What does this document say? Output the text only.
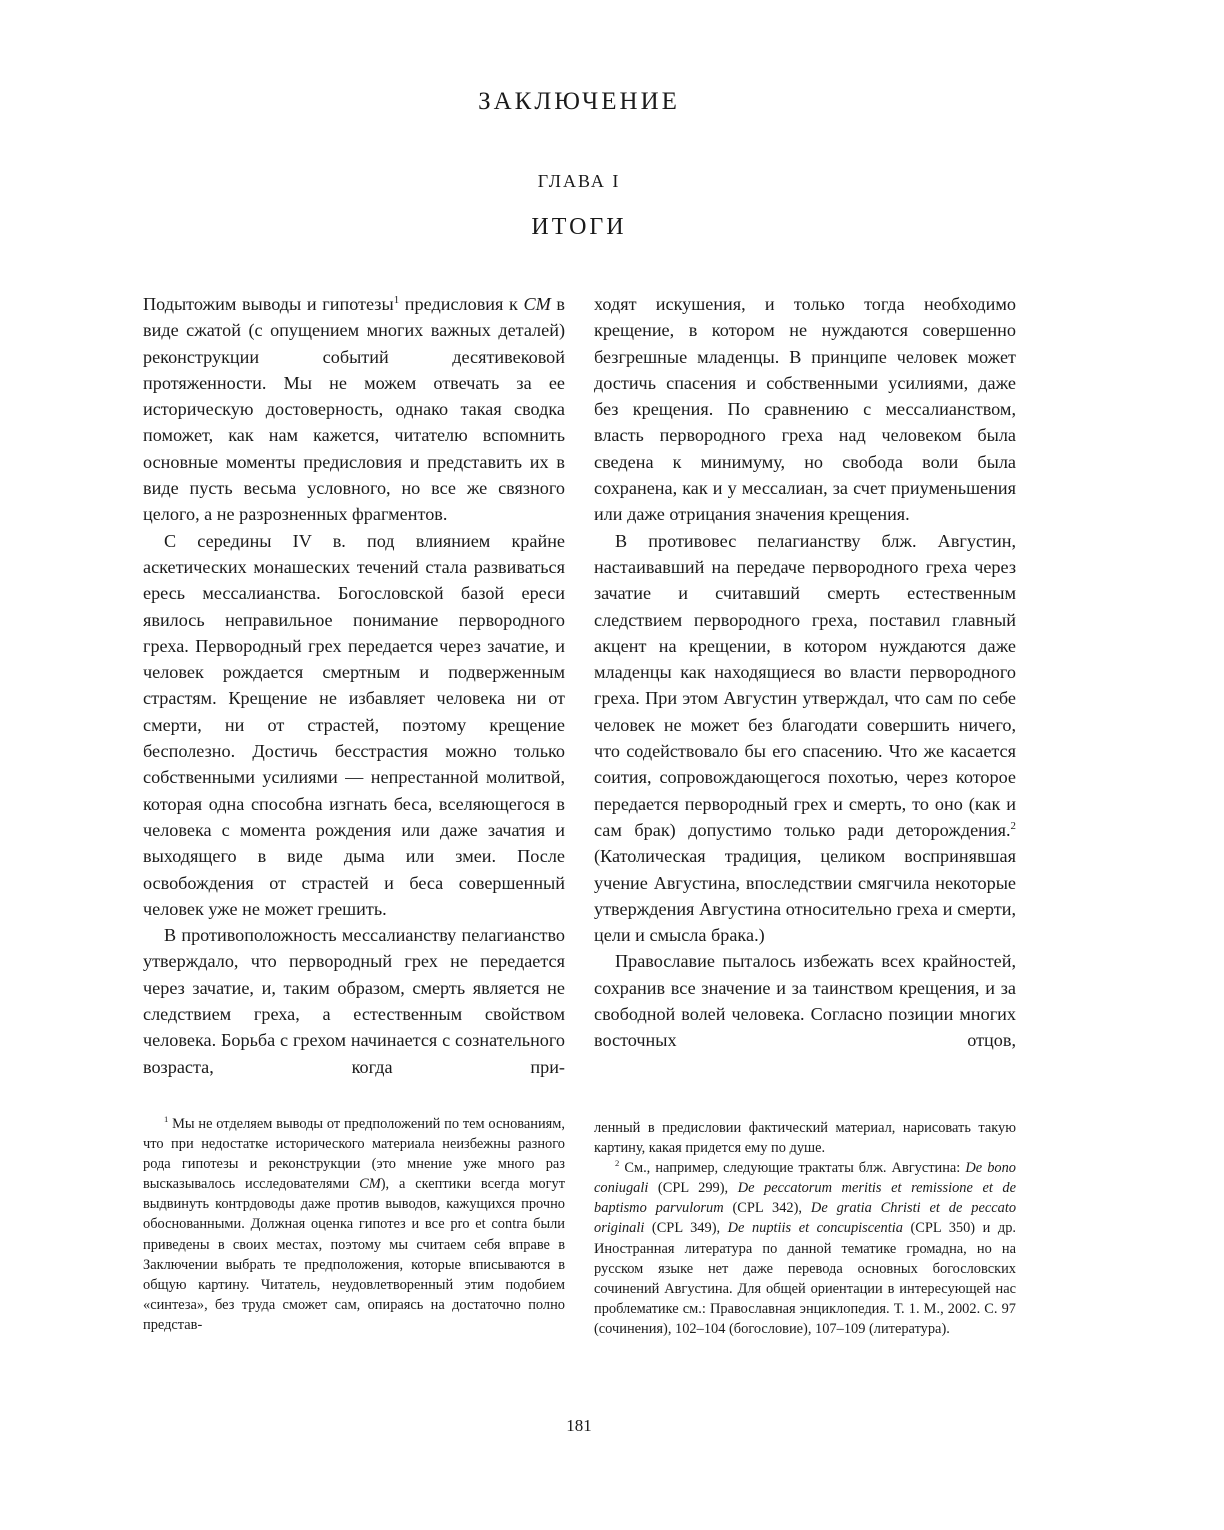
ЗАКЛЮЧЕНИЕ
ГЛАВА I
ИТОГИ

Подытожим выводы и гипотезы$^1$ предисловия к СМ в виде сжатой (с опущением многих важных деталей) реконструкции событий десятивековой протяженности. Мы не можем отвечать за ее историческую достоверность, однако такая сводка поможет, как нам кажется, читателю вспомнить основные моменты предисловия и представить их в виде пусть весьма условного, но все же связного целого, а не разрозненных фрагментов.

С середины IV в. под влиянием крайне аскетических монашеских течений стала развиваться ересь мессалианства. Богословской базой ереси явилось неправильное понимание первородного греха. Первородный грех передается через зачатие, и человек рождается смертным и подверженным страстям. Крещение не избавляет человека ни от смерти, ни от страстей, поэтому крещение бесполезно. Достичь бесстрастия можно только собственными усилиями — непрестанной молитвой, которая одна способна изгнать беса, вселяющегося в человека с момента рождения или даже зачатия и выходящего в виде дыма или змеи. После освобождения от страстей и беса совершенный человек уже не может грешить.

В противоположность мессалианству пелагианство утверждало, что первородный грех не передается через зачатие, и, таким образом, смерть является не следствием греха, а естественным свойством человека. Борьба с грехом начинается с сознательного возраста, когда при-

ходят искушения, и только тогда необходимо крещение, в котором не нуждаются совершенно безгрешные младенцы. В принципе человек может достичь спасения и собственными усилиями, даже без крещения. По сравнению с мессалианством, власть первородного греха над человеком была сведена к минимуму, но свобода воли была сохранена, как и у мессалиан, за счет приуменьшения или даже отрицания значения крещения.

В противовес пелагианству блж. Августин, настаивавший на передаче первородного греха через зачатие и считавший смерть естественным следствием первородного греха, поставил главный акцент на крещении, в котором нуждаются даже младенцы как находящиеся во власти первородного греха. При этом Августин утверждал, что сам по себе человек не может без благодати совершить ничего, что содействовало бы его спасению. Что же касается соития, сопровождающегося похотью, через которое передается первородный грех и смерть, то оно (как и сам брак) допустимо только ради деторождения.$^2$ (Католическая традиция, целиком воспринявшая учение Августина, впоследствии смягчила некоторые утверждения Августина относительно греха и смерти, цели и смысла брака.)

Православие пыталось избежать всех крайностей, сохранив все значение и за таинством крещения, и за свободной волей человека. Согласно позиции многих восточных отцов,

$^1$ Мы не отделяем выводы от предположений по тем основаниям, что при недостатке исторического материала неизбежны разного рода гипотезы и реконструкции (это мнение уже много раз высказывалось исследователями СМ), а скептики всегда могут выдвинуть контрдоводы даже против выводов, кажущихся прочно обоснованными. Должная оценка гипотез и все pro et contra были приведены в своих местах, поэтому мы считаем себя вправе в Заключении выбрать те предположения, которые вписываются в общую картину. Читатель, неудовлетворенный этим подобием «синтеза», без труда сможет сам, опираясь на достаточно полно представ-

ленный в предисловии фактический материал, нарисовать такую картину, какая придется ему по душе.

$^2$ См., например, следующие трактаты блж. Августина: De bono coniugali (CPL 299), De peccatorum meritis et remissione et de baptismo parvulorum (CPL 342), De gratia Christi et de peccato originali (CPL 349), De nuptiis et concupiscentia (CPL 350) и др. Иностранная литература по данной тематике громадна, но на русском языке нет даже перевода основных богословских сочинений Августина. Для общей ориентации в интересующей нас проблематике см.: Православная энциклопедия. Т. 1. М., 2002. С. 97 (сочинения), 102–104 (богословие), 107–109 (литература).

181
